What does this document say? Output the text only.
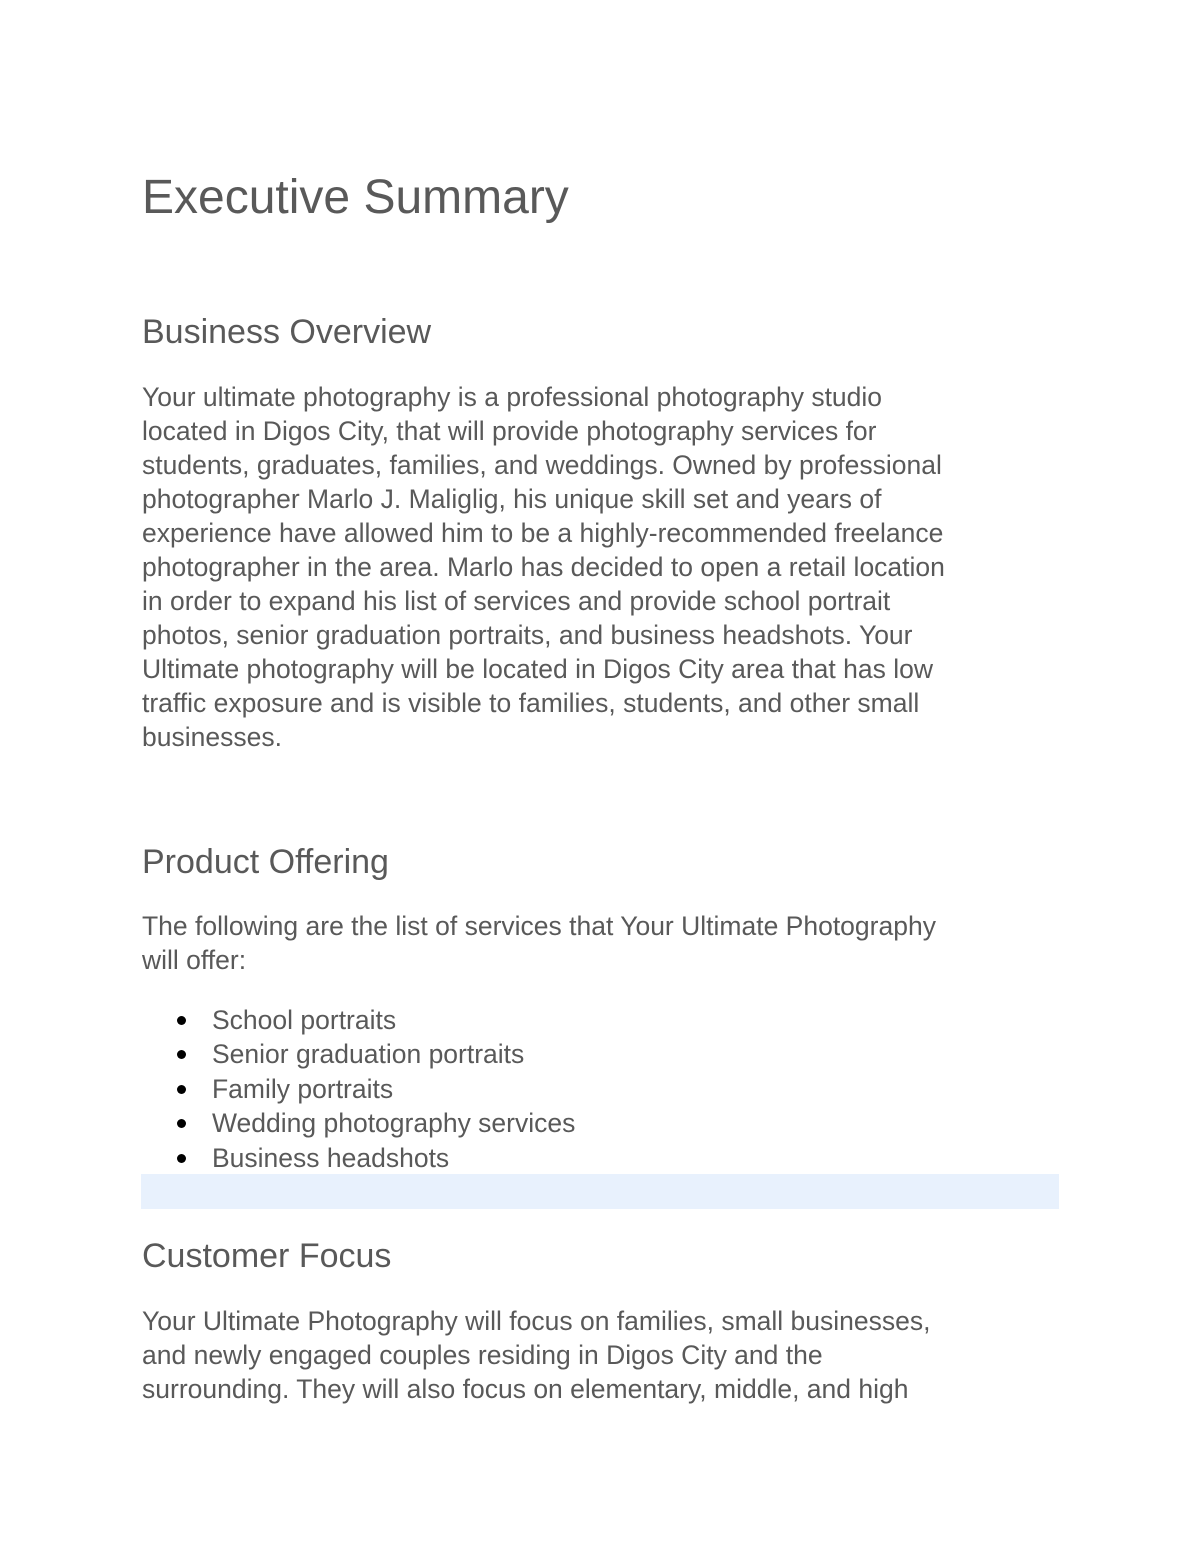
Executive Summary
Business Overview

Your ultimate photography is a professional photography studio
located in Digos City, that will provide photography services for
students, graduates, families, and weddings. Owned by professional
photographer Marlo J. Maliglig, his unique skill set and years of
experience have allowed him to be a highly-recommended freelance
photographer in the area. Marlo has decided to open a retail location
in order to expand his list of services and provide school portrait
photos, senior graduation portraits, and business headshots. Your
Ultimate photography will be located in Digos City area that has low
traffic exposure and is visible to families, students, and other small
businesses.

Product Offering

The following are the list of services that Your Ultimate Photography
will offer:

School portraits
Senior graduation portraits
Family portraits
Wedding photography services
Business headshots
Customer Focus

Your Ultimate Photography will focus on families, small businesses,
and newly engaged couples residing in Digos City and the
surrounding. They will also focus on elementary, middle, and high
